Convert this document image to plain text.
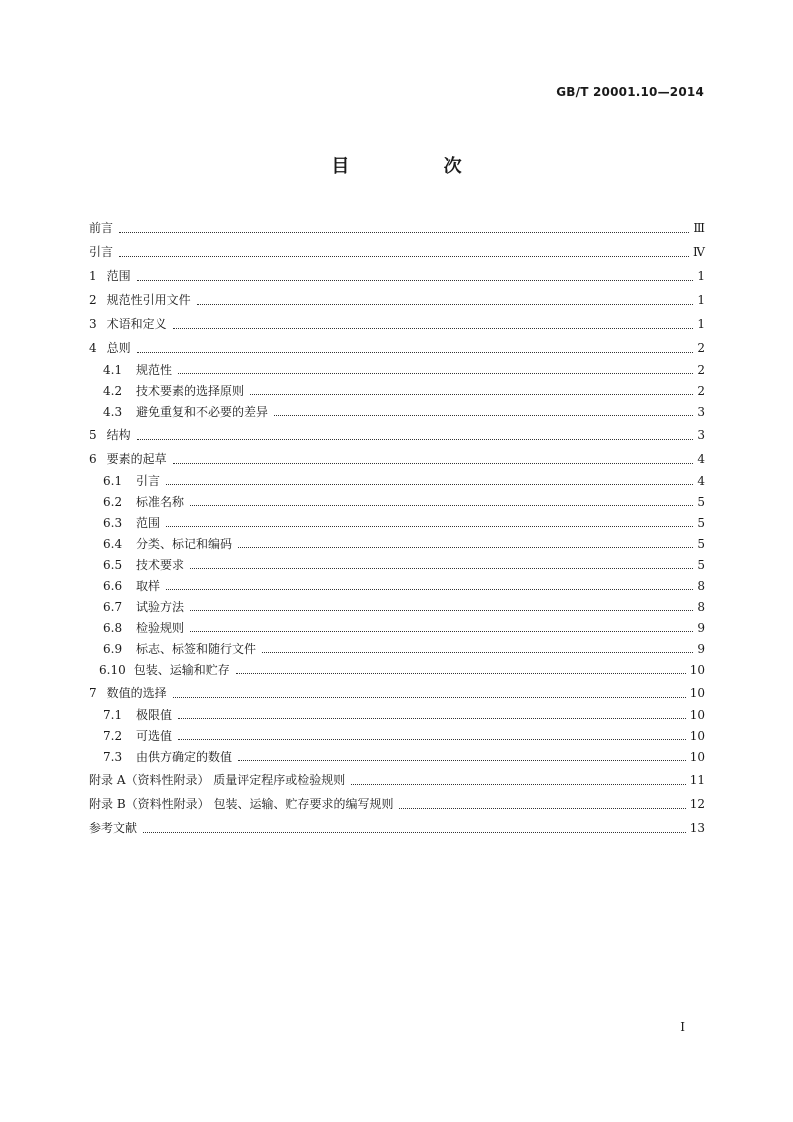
GB/T 20001.10—2014
目 次
前言	Ⅲ
引言	Ⅳ
1 范围	1
2 规范性引用文件	1
3 术语和定义	1
4 总则	2
4.1	规范性	2
4.2	技术要素的选择原则	2
4.3	避免重复和不必要的差异	3
5 结构	3
6 要素的起草	4
6.1	引言	4
6.2	标准名称	5
6.3	范围	5
6.4	分类、标记和编码	5
6.5	技术要求	5
6.6	取样	8
6.7	试验方法	8
6.8	检验规则	9
6.9	标志、标签和随行文件	9
6.10 包装、运输和贮存	10
7 数值的选择	10
7.1	极限值	10
7.2	可选值	10
7.3	由供方确定的数值	10
附录 A（资料性附录） 质量评定程序或检验规则	11
附录 B（资料性附录） 包装、运输、贮存要求的编写规则	12
参考文献	13
Ⅰ
